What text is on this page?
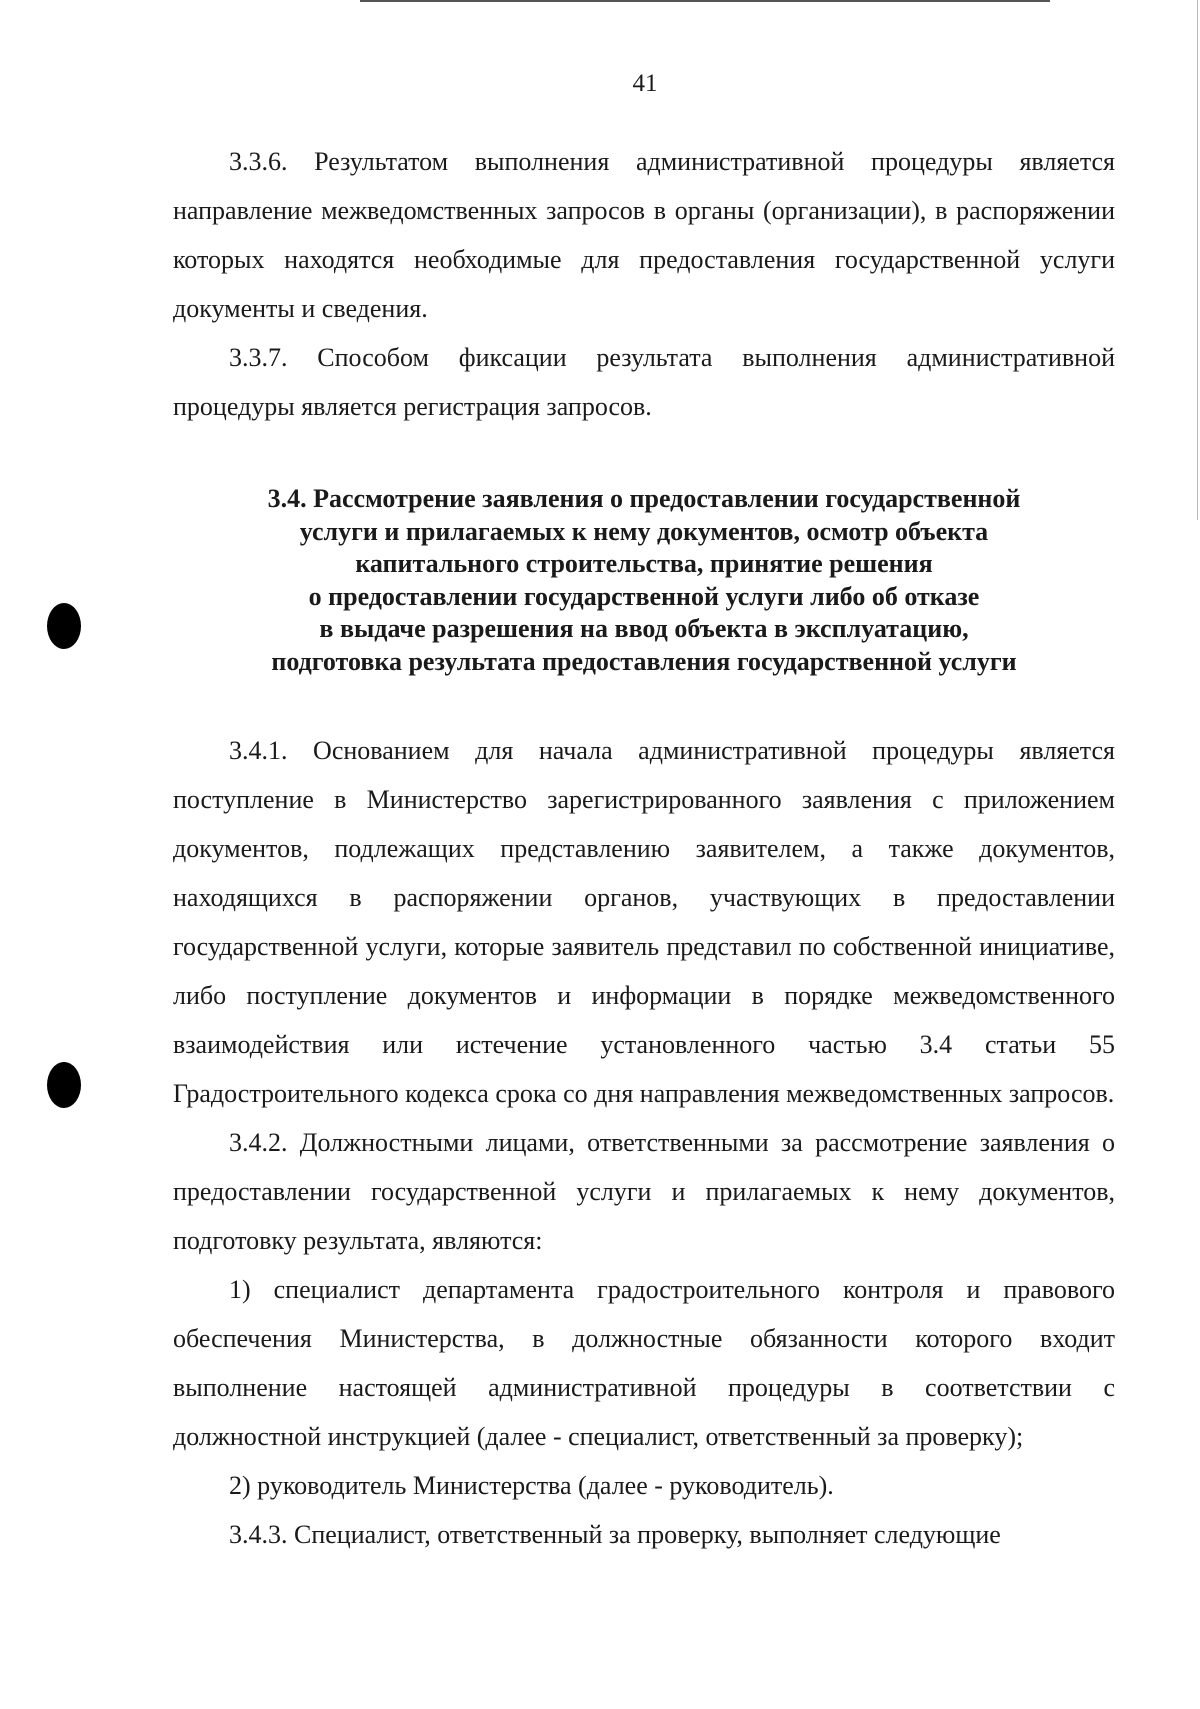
41

3.3.6. Результатом выполнения административной процедуры является направление межведомственных запросов в органы (организации), в распоряжении которых находятся необходимые для предоставления государственной услуги документы и сведения.

3.3.7. Способом фиксации результата выполнения административной процедуры является регистрация запросов.

3.4. Рассмотрение заявления о предоставлении государственной
услуги и прилагаемых к нему документов, осмотр объекта
капитального строительства, принятие решения
о предоставлении государственной услуги либо об отказе
в выдаче разрешения на ввод объекта в эксплуатацию,
подготовка результата предоставления государственной услуги

3.4.1. Основанием для начала административной процедуры является поступление в Министерство зарегистрированного заявления с приложением документов, подлежащих представлению заявителем, а также документов, находящихся в распоряжении органов, участвующих в предоставлении государственной услуги, которые заявитель представил по собственной инициативе, либо поступление документов и информации в порядке межведомственного взаимодействия или истечение установленного частью 3.4 статьи 55 Градостроительного кодекса срока со дня направления межведомственных запросов.

3.4.2. Должностными лицами, ответственными за рассмотрение заявления о предоставлении государственной услуги и прилагаемых к нему документов, подготовку результата, являются:

1) специалист департамента градостроительного контроля и правового обеспечения Министерства, в должностные обязанности которого входит выполнение настоящей административной процедуры в соответствии с должностной инструкцией (далее - специалист, ответственный за проверку);

2) руководитель Министерства (далее - руководитель).

3.4.3. Специалист, ответственный за проверку, выполняет следующие
